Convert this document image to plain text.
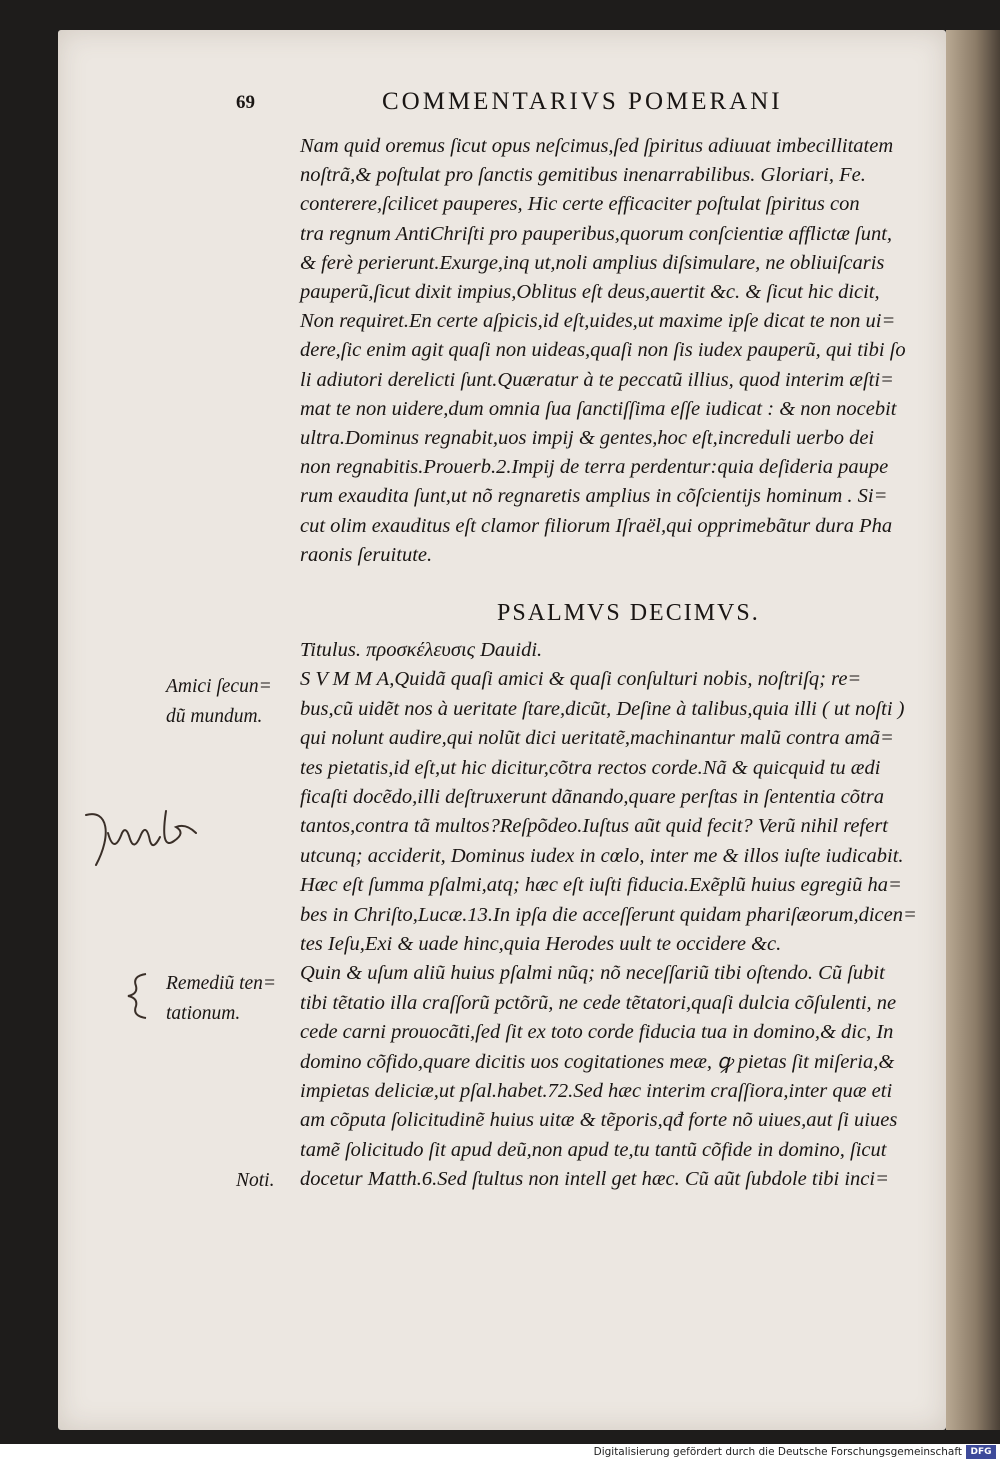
69	COMMENTARIVS POMERANI
Nam quid oremus ſicut opus neſcimus,ſed ſpiritus adiuuat imbecillitatem
noſtrã,& poſtulat pro ſanctis gemitibus inenarrabilibus. Gloriari, Fe.
conterere,ſcilicet pauperes, Hic certe efficaciter poſtulat ſpiritus con
tra regnum AntiChriſti pro pauperibus,quorum conſcientiæ afflictæ ſunt,
& ferè perierunt.Exurge,inq ut,noli amplius diſsimulare, ne obliuiſcaris
pauperũ,ſicut dixit impius,Oblitus eſt deus,auertit &c. & ſicut hic dicit,
Non requiret.En certe aſpicis,id eſt,uides,ut maxime ipſe dicat te non ui=
dere,ſic enim agit quaſi non uideas,quaſi non ſis iudex pauperũ, qui tibi ſo
li adiutori derelicti ſunt.Quæratur à te peccatũ illius, quod interim æſti=
mat te non uidere,dum omnia ſua ſanctiſſima eſſe iudicat : & non nocebit
ultra.Dominus regnabit,uos impij & gentes,hoc eſt,increduli uerbo dei
non regnabitis.Prouerb.2.Impij de terra perdentur:quia deſideria paupe
rum exaudita ſunt,ut nõ regnaretis amplius in cõſcientijs hominum . Si=
cut olim exauditus eſt clamor filiorum Iſraël,qui opprimebãtur dura Pha
raonis ſeruitute.
PSALMVS DECIMVS.
Titulus. προσκέλευσις Dauidi.
S V M M A,Quidã quaſi amici & quaſi conſulturi nobis, noſtriſq; re=
bus,cũ uidẽt nos à ueritate ſtare,dicũt, Deſine à talibus,quia illi ( ut noſti )
qui nolunt audire,qui nolũt dici ueritatẽ,machinantur malũ contra amã=
tes pietatis,id eſt,ut hic dicitur,cõtra rectos corde.Nã & quicquid tu ædi
ficaſti docẽdo,illi deſtruxerunt dãnando,quare perſtas in ſententia cõtra
tantos,contra tã multos?Reſpõdeo.Iuſtus aũt quid fecit? Verũ nihil refert
utcunq; acciderit, Dominus iudex in cœlo, inter me & illos iuſte iudicabit.
Hæc eſt ſumma pſalmi,atq; hæc eſt iuſti fiducia.Exẽplũ huius egregiũ ha=
bes in Chriſto,Lucæ.13.In ipſa die acceſſerunt quidam phariſæorum,dicen=
tes Ieſu,Exi & uade hinc,quia Herodes uult te occidere &c.
Quin & uſum aliũ huius pſalmi nũq; nõ neceſſariũ tibi oſtendo. Cũ ſubit
tibi tẽtatio illa craſſorũ pctõrũ, ne cede tẽtatori,quaſi dulcia cõſulenti, ne
cede carni prouocãti,ſed ſit ex toto corde fiducia tua in domino,& dic, In
domino cõfido,quare dicitis uos cogitationes meæ, ꝙ pietas ſit miſeria,&
impietas deliciæ,ut pſal.habet.72.Sed hæc interim craſſiora,inter quæ eti
am cõputa ſolicitudinẽ huius uitæ & tẽporis,qđ forte nõ uiues,aut ſi uiues
tamẽ ſolicitudo ſit apud deũ,non apud te,tu tantũ cõfide in domino, ſicut
docetur Matth.6.Sed ſtultus non intell get hæc. Cũ aũt ſubdole tibi inci=
Amici ſecun=
dũ mundum.
Remediũ ten=
tationum.
Noti.
Digitalisierung gefördert durch die Deutsche Forschungsgemeinschaft DFG
